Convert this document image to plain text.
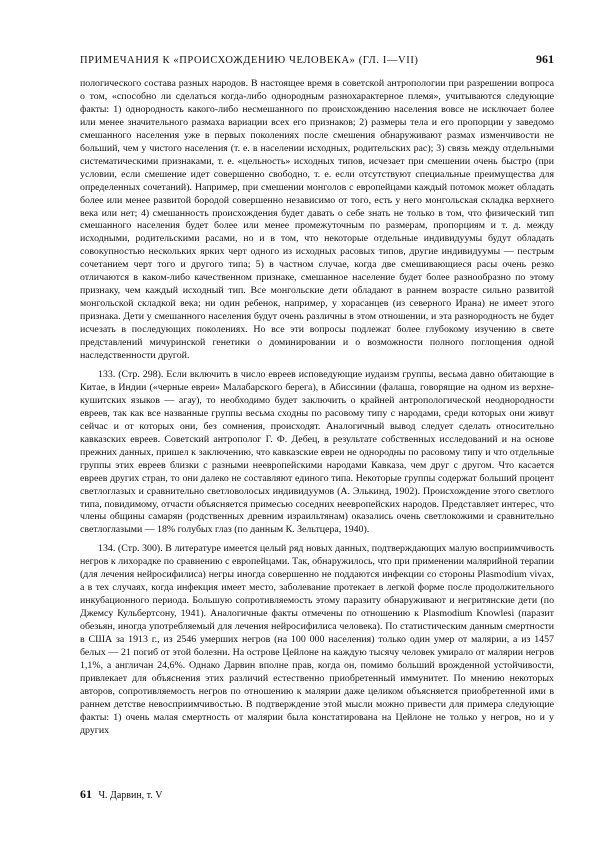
ПРИМЕЧАНИЯ К «ПРОИСХОЖДЕНИЮ ЧЕЛОВЕКА» (ГЛ. I—VII)	961

пологического состава разных народов. В настоящее время в советской антропологии при разрешении вопроса о том, «способно ли сделаться когда-либо однородным разнохарактерное племя», учитываются следующие факты: 1) однородность какого-либо несмешанного по происхождению населения вовсе не исключает более или менее значительного размаха вариации всех его признаков; 2) размеры тела и его пропорции у заведомо смешанного населения уже в первых поколениях после смешения обнаруживают размах изменчивости не больший, чем у чистого населения (т. е. в населении исходных, родительских рас); 3) связь между отдельными систематическими признаками, т. е. «цельность» исходных типов, исчезает при смешении очень быстро (при условии, если смешение идет совершенно свободно, т. е. если отсутствуют специальные преимущества для определенных сочетаний). Например, при смешении монголов с европейцами каждый потомок может обладать более или менее развитой бородой совершенно независимо от того, есть у него монгольская складка верхнего века или нет; 4) смешанность происхождения будет давать о себе знать не только в том, что физический тип смешанного населения будет более или менее промежуточным по размерам, пропорциям и т. д. между исходными, родительскими расами, но и в том, что некоторые отдельные индивидуумы будут обладать совокупностью нескольких ярких черт одного из исходных расовых типов, другие индивидуумы — пестрым сочетанием черт того и другого типа; 5) в частном случае, когда две смешивающиеся расы очень резко отличаются в каком-либо качественном признаке, смешанное население будет более разнообразно по этому признаку, чем каждый исходный тип. Все монгольские дети обладают в раннем возрасте сильно развитой монгольской складкой века; ни один ребенок, например, у хорасанцев (из северного Ирана) не имеет этого признака. Дети у смешанного населения будут очень различны в этом отношении, и эта разнородность не будет исчезать в последующих поколениях. Но все эти вопросы подлежат более глубокому изучению в свете представлений мичуринской генетики о доминировании и о возможности полного поглощения одной наследственности другой.

133. (Стр. 298). Если включить в число евреев исповедующие иудаизм группы, весьма давно обитающие в Китае, в Индии («черные евреи» Малабарского берега), в Абиссинии (фалаша, говорящие на одном из верхне-кушитских языков — агау), то необходимо будет заключить о крайней антропологической неоднородности евреев, так как все названные группы весьма сходны по расовому типу с народами, среди которых они живут сейчас и от которых они, без сомнения, происходят. Аналогичный вывод следует сделать относительно кавказских евреев. Советский антрополог Г. Ф. Дебец, в результате собственных исследований и на основе прежних данных, пришел к заключению, что кавказские евреи не однородны по расовому типу и что отдельные группы этих евреев близки с разными неевропейскими народами Кавказа, чем друг с другом. Что касается евреев других стран, то они далеко не составляют единого типа. Некоторые группы содержат больший процент светлоглазых и сравнительно светловолосых индивидуумов (А. Элькинд, 1902). Происхождение этого светлого типа, повидимому, отчасти объясняется примесью соседних неевропейских народов. Представляет интерес, что члены общины самарян (родственных древним израильтянам) оказались очень светлокожими и сравнительно светлоглазыми — 18% голубых глаз (по данным К. Зельтцера, 1940).

134. (Стр. 300). В литературе имеется целый ряд новых данных, подтверждающих малую восприимчивость негров к лихорадке по сравнению с европейцами. Так, обнаружилось, что при применении малярийной терапии (для лечения нейросифилиса) негры иногда совершенно не поддаются инфекции со стороны Plasmodium vivax, а в тех случаях, когда инфекция имеет место, заболевание протекает в легкой форме после продолжительного инкубационного периода. Большую сопротивляемость этому паразиту обнаруживают и негритянские дети (по Джемсу Кульбертсону, 1941). Аналогичные факты отмечены по отношению к Plasmodium Knowlesi (паразит обезьян, иногда употребляемый для лечения нейросифилиса человека). По статистическим данным смертности в США за 1913 г., из 2546 умерших негров (на 100 000 населения) только один умер от малярии, а из 1457 белых — 21 погиб от этой болезни. На острове Цейлоне на каждую тысячу человек умирало от малярии негров 1,1%, а англичан 24,6%. Однако Дарвин вполне прав, когда он, помимо больший врожденной устойчивости, привлекает для объяснения этих различий естественно приобретенный иммунитет. По мнению некоторых авторов, сопротивляемость негров по отношению к малярии даже целиком объясняется приобретенной ими в раннем детстве невосприимчивостью. В подтверждение этой мысли можно привести для примера следующие факты: 1) очень малая смертность от малярии была констатирована на Цейлоне не только у негров, но и у других

61 Ч. Дарвин, т. V
